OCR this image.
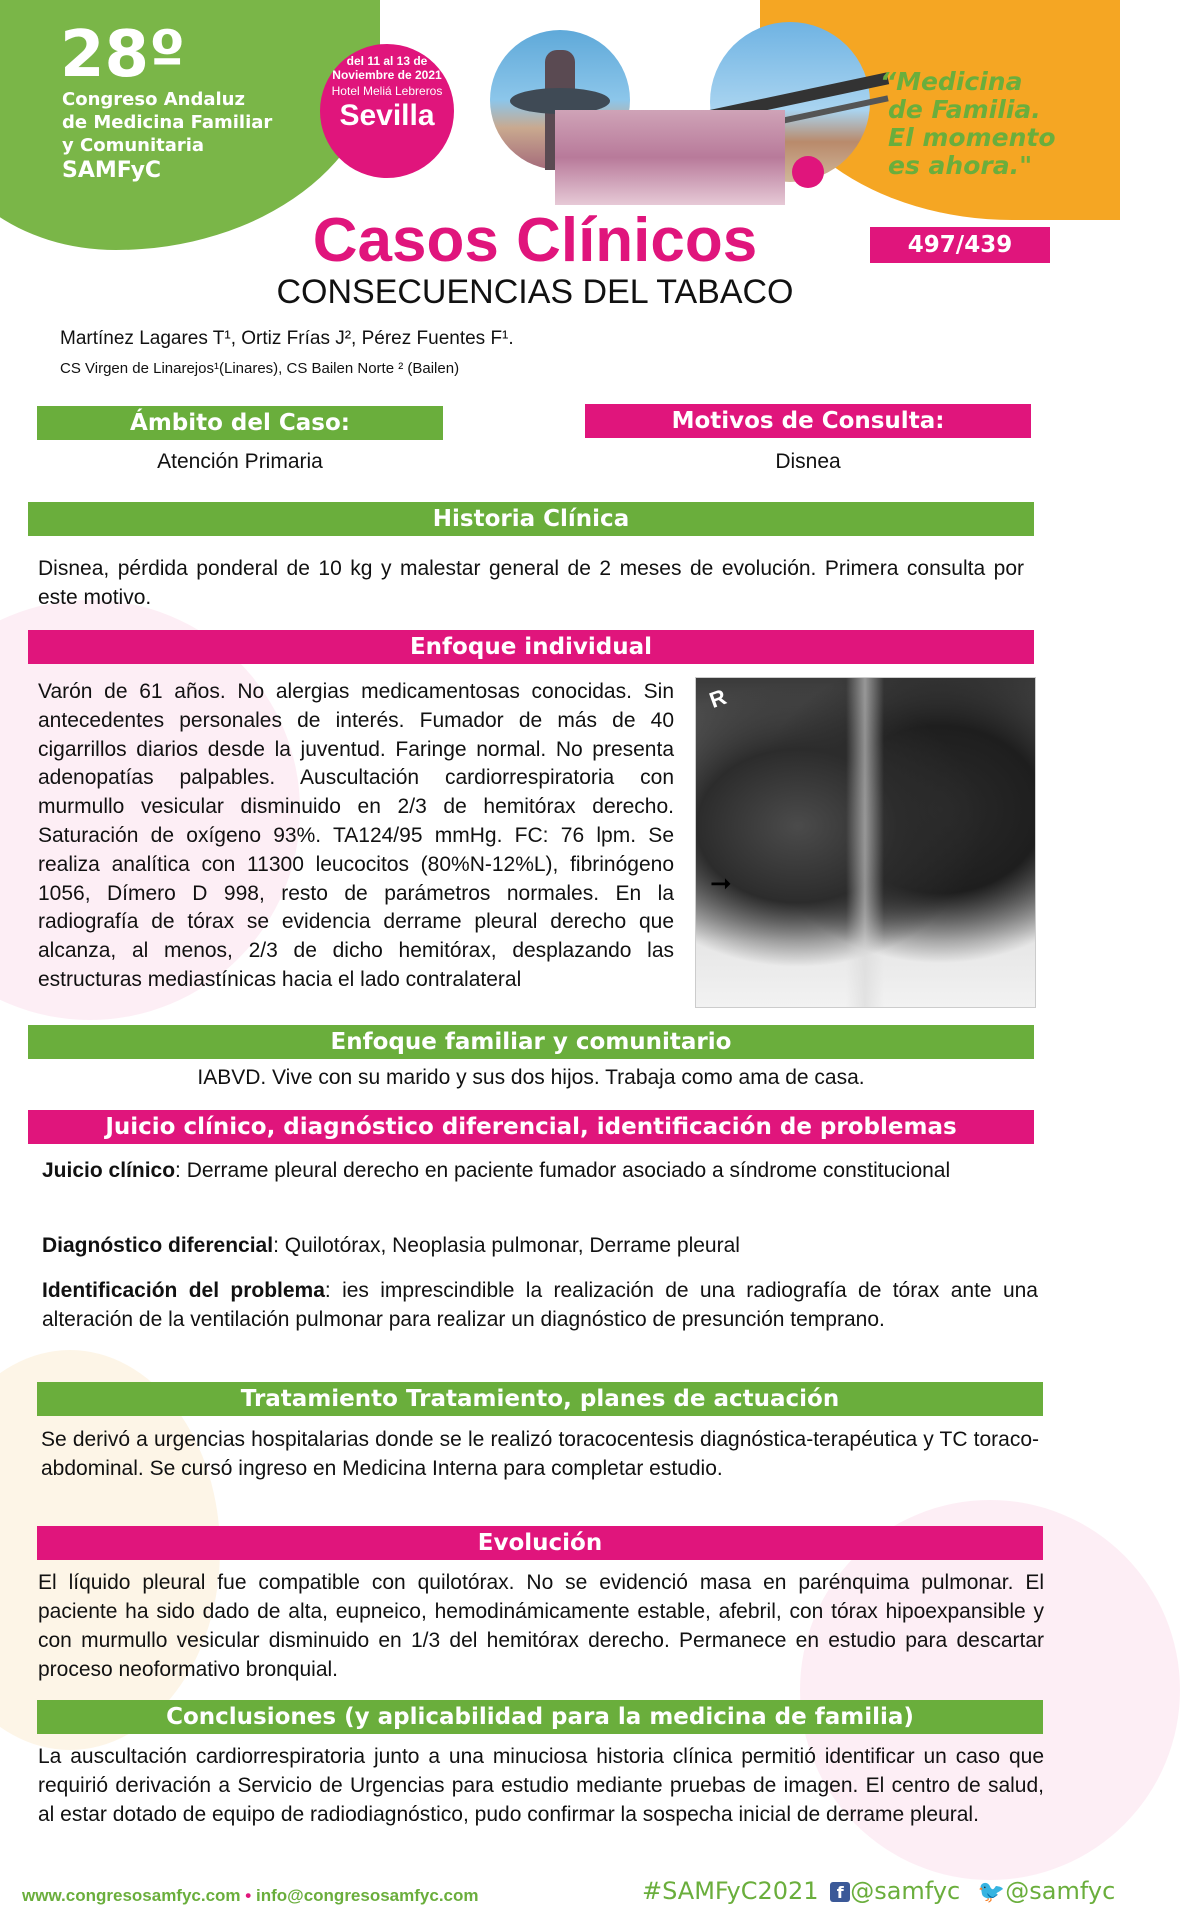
28º
Congreso Andaluz
de Medicina Familiar
y Comunitaria
SAMFyC
del 11 al 13 de
Noviembre de 2021
Hotel Meliá Lebreros
Sevilla
“Medicina
de Familia.
El momento
es ahora."
Casos Clínicos
CONSECUENCIAS DEL TABACO
497/439
Martínez Lagares T¹, Ortiz Frías J², Pérez Fuentes F¹.
CS Virgen de Linarejos¹(Linares), CS Bailen Norte ² (Bailen)
Ámbito del Caso:
Atención Primaria
Motivos de Consulta:
Disnea
Historia Clínica
Disnea, pérdida ponderal de 10 kg y malestar general de 2 meses de evolución. Primera consulta por este motivo.
Enfoque individual
Varón de 61 años. No alergias medicamentosas conocidas. Sin antecedentes personales de interés. Fumador de más de 40 cigarrillos diarios desde la juventud. Faringe normal. No presenta adenopatías palpables. Auscultación cardiorrespiratoria con murmullo vesicular disminuido en 2/3 de hemitórax derecho. Saturación de oxígeno 93%. TA124/95 mmHg. FC: 76 lpm. Se realiza analítica con 11300 leucocitos (80%N-12%L), fibrinógeno 1056, Dímero D 998, resto de parámetros normales. En la radiografía de tórax se evidencia derrame pleural derecho que alcanza, al menos, 2/3 de dicho hemitórax, desplazando las estructuras mediastínicas hacia el lado contralateral
R
➞
Enfoque familiar y comunitario
IABVD. Vive con su marido y sus dos hijos. Trabaja como ama de casa.
Juicio clínico, diagnóstico diferencial, identificación de problemas
Juicio clínico: Derrame pleural derecho en paciente fumador asociado a síndrome constitucional
Diagnóstico diferencial: Quilotórax, Neoplasia pulmonar, Derrame pleural
Identificación del problema: ies imprescindible la realización de una radiografía de tórax ante una alteración de la ventilación pulmonar para realizar un diagnóstico de presunción temprano.
Tratamiento Tratamiento, planes de actuación
Se derivó a urgencias hospitalarias donde se le realizó toracocentesis diagnóstica-terapéutica y TC toraco-abdominal. Se cursó ingreso en Medicina Interna para completar estudio.
Evolución
El líquido pleural fue compatible con quilotórax. No se evidenció masa en parénquima pulmonar. El paciente ha sido dado de alta, eupneico, hemodinámicamente estable, afebril, con tórax hipoexpansible y con murmullo vesicular disminuido en 1/3 del hemitórax derecho. Permanece en estudio para descartar proceso neoformativo bronquial.
Conclusiones (y aplicabilidad para la medicina de familia)
La auscultación cardiorrespiratoria junto a una minuciosa historia clínica permitió identificar un caso que requirió derivación a Servicio de Urgencias para estudio mediante pruebas de imagen. El centro de salud, al estar dotado de equipo de radiodiagnóstico, pudo confirmar la sospecha inicial de derrame pleural.
www.congresosamfyc.com • info@congresosamfyc.com	#SAMFyC2021 f @samfyc 🐦@samfyc
